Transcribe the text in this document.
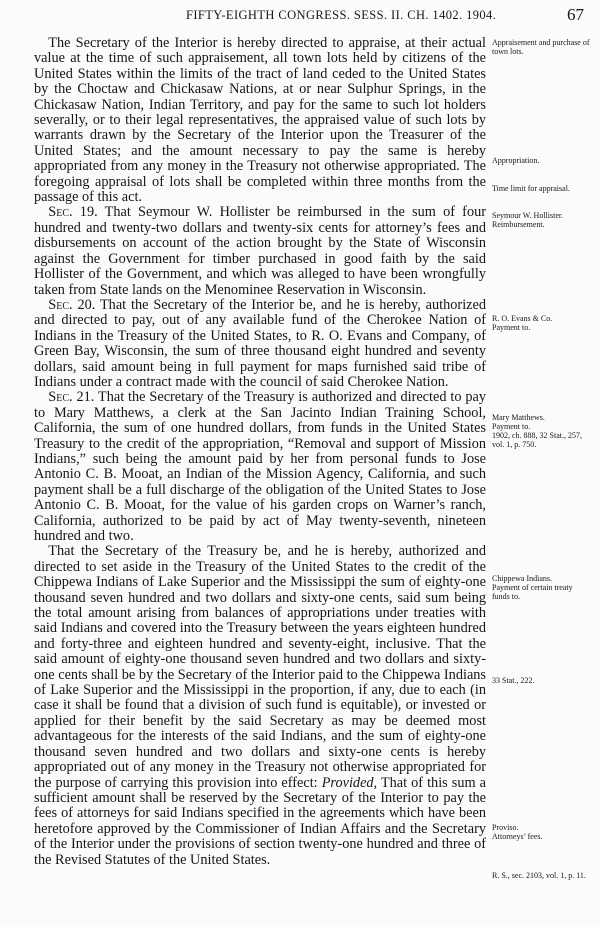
FIFTY-EIGHTH CONGRESS. SESS. II. CH. 1402. 1904.	67

The Secretary of the Interior is hereby directed to appraise, at their actual value at the time of such appraisement, all town lots held by citizens of the United States within the limits of the tract of land ceded to the United States by the Choctaw and Chickasaw Nations, at or near Sulphur Springs, in the Chickasaw Nation, Indian Territory, and pay for the same to such lot holders severally, or to their legal representatives, the appraised value of such lots by warrants drawn by the Secretary of the Interior upon the Treasurer of the United States; and the amount necessary to pay the same is hereby appropriated from any money in the Treasury not otherwise appropriated. The foregoing appraisal of lots shall be completed within three months from the passage of this act.

Sec. 19. That Seymour W. Hollister be reimbursed in the sum of four hundred and twenty-two dollars and twenty-six cents for attorney’s fees and disbursements on account of the action brought by the State of Wisconsin against the Government for timber purchased in good faith by the said Hollister of the Government, and which was alleged to have been wrongfully taken from State lands on the Menominee Reservation in Wisconsin.

Sec. 20. That the Secretary of the Interior be, and he is hereby, authorized and directed to pay, out of any available fund of the Cherokee Nation of Indians in the Treasury of the United States, to R. O. Evans and Company, of Green Bay, Wisconsin, the sum of three thousand eight hundred and seventy dollars, said amount being in full payment for maps furnished said tribe of Indians under a contract made with the council of said Cherokee Nation.

Sec. 21. That the Secretary of the Treasury is authorized and directed to pay to Mary Matthews, a clerk at the San Jacinto Indian Training School, California, the sum of one hundred dollars, from funds in the United States Treasury to the credit of the appropriation, “Removal and support of Mission Indians,” such being the amount paid by her from personal funds to Jose Antonio C. B. Mooat, an Indian of the Mission Agency, California, and such payment shall be a full discharge of the obligation of the United States to Jose Antonio C. B. Mooat, for the value of his garden crops on Warner’s ranch, California, authorized to be paid by act of May twenty-seventh, nineteen hundred and two.

That the Secretary of the Treasury be, and he is hereby, authorized and directed to set aside in the Treasury of the United States to the credit of the Chippewa Indians of Lake Superior and the Mississippi the sum of eighty-one thousand seven hundred and two dollars and sixty-one cents, said sum being the total amount arising from balances of appropriations under treaties with said Indians and covered into the Treasury between the years eighteen hundred and forty-three and eighteen hundred and seventy-eight, inclusive. That the said amount of eighty-one thousand seven hundred and two dollars and sixty-one cents shall be by the Secretary of the Interior paid to the Chippewa Indians of Lake Superior and the Mississippi in the proportion, if any, due to each (in case it shall be found that a division of such fund is equitable), or invested or applied for their benefit by the said Secretary as may be deemed most advantageous for the interests of the said Indians, and the sum of eighty-one thousand seven hundred and two dollars and sixty-one cents is hereby appropriated out of any money in the Treasury not otherwise appropriated for the purpose of carrying this provision into effect: Provided, That of this sum a sufficient amount shall be reserved by the Secretary of the Interior to pay the fees of attorneys for said Indians specified in the agreements which have been heretofore approved by the Commissioner of Indian Affairs and the Secretary of the Interior under the provisions of section twenty-one hundred and three of the Revised Statutes of the United States.

Appraisement and purchase of town lots.
Appropriation.
Time limit for appraisal.
Seymour W. Hollister.
Reimbursement.
R. O. Evans & Co.
Payment to.
Mary Matthews.
Payment to.
1902, ch. 888, 32 Stat., 257, vol. 1, p. 750.
Chippewa Indians.
Payment of certain treaty funds to.
33 Stat., 222.
Proviso.
Attorneys’ fees.
R. S., sec. 2103, vol. 1, p. 11.
